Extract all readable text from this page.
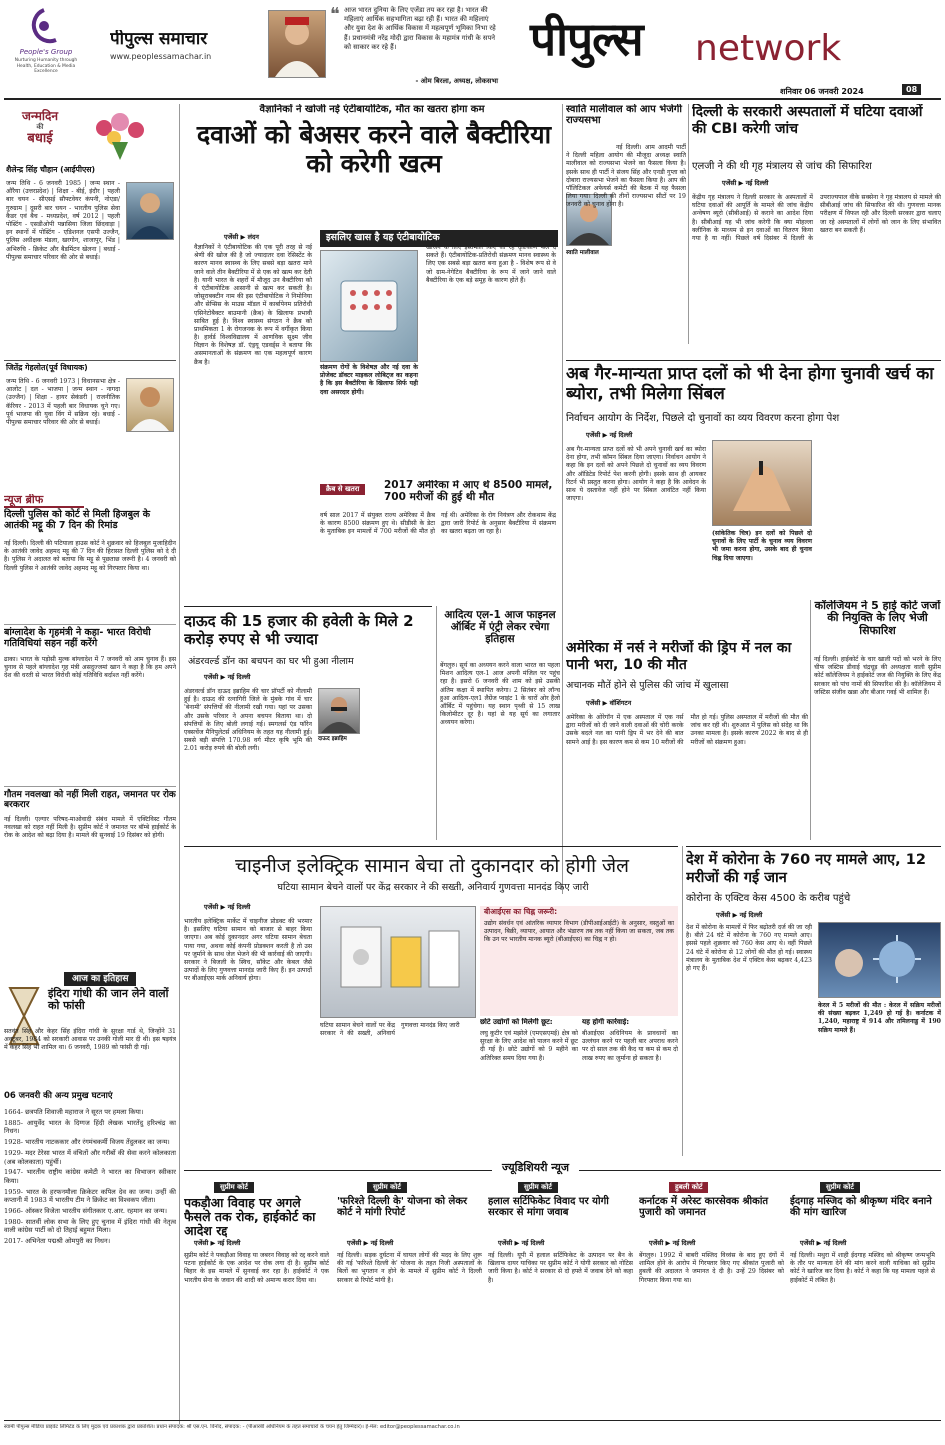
People's Group
Nurturing Humanity through Health, Education & Media Excellence
पीपुल्स समाचार
www.peoplessamachar.in
❝ आज भारत दुनिया के लिए एजेंडा तय कर रहा है। भारत की महिलाएं आर्थिक सहभागिता बढ़ा रही हैं। भारत की महिलाएं और युवा देश के आर्थिक विकास में महत्वपूर्ण भूमिका निभा रहे हैं। प्रधानमंत्री नरेंद्र मोदी द्वारा विकास के महामंत्र गांधी के सपने को साकार कर रहे हैं।
- ओम बिरला, अध्यक्ष, लोकसभा
पीपुल्स network
शनिवार 06 जनवरी 2024	08
जन्मदिन
की
बधाई
शैलेन्द्र सिंह चौहान (आईपीएस)
जन्म तिथि - 6 जनवरी 1985 | जन्म स्थान - औरैया (उत्तरप्रदेश) | शिक्षा - बीई, इंदौर | पहली बार चयन - सीएसई सौफ्टवेयर कंपनी, नोएडा/गुरुग्राम | दूसरी बार चयन - भारतीय पुलिस सेवा कैडर एवं बैच - मध्यप्रदेश, वर्ष 2012 | पहली पोस्टिंग - एसडीओपी पन्नासिया जिला छिंदवाड़ा | इन स्थानों में पोस्टिंग - एडिशनल एसपी उज्जैन, पुलिस अधीक्षक मंडला, खरगोन, शाजापुर, भिंड | अभिरुचि - क्रिकेट और बैडमिंटन खेलना | बधाई - पीपुल्स समाचार परिवार की ओर से बधाई।
जितेंद्र गेहलोत(पूर्व विधायक)
जन्म तिथि - 6 जनवरी 1973 | विधानसभा क्षेत्र - आलोट | दल - भाजपा | जन्म स्थान - नागदा (उज्जैन) | शिक्षा - हायर सेकंडरी | राजनीतिक कॅरियर - 2013 में पहली बार विधायक चुने गए। पूर्व भाजपा की युवा विंग में सक्रिय रहे। बधाई - पीपुल्स समाचार परिवार की ओर से बधाई।
न्यूज ब्रीफ
दिल्ली पुलिस को कोर्ट से मिली हिजबुल के आतंकी मट्टू की 7 दिन की रिमांड
नई दिल्ली। दिल्ली की पटियाला हाउस कोर्ट ने शुक्रवार को हिजबुल मुजाहिदीन के आतंकी जावेद अहमद मट्टू की 7 दिन की हिरासत दिल्ली पुलिस को दे दी है। पुलिस ने अदालत को बताया कि मट्टू से पूछताछ जरूरी है। 4 जनवरी को दिल्ली पुलिस ने आतंकी जावेद अहमद मट्टू को गिरफ्तार किया था।
बांग्लादेश के गृहमंत्री ने कहा- भारत विरोधी गतिविधियां सहन नहीं करेंगे
ढाका। भारत के पड़ोसी मुल्क बांग्लादेश में 7 जनवरी को आम चुनाव हैं। इस चुनाव से पहले बांग्लादेश गृह मंत्री असदुज्जमां खान ने कहा है कि हम अपने देश की धरती से भारत विरोधी कोई गतिविधि बर्दाश्त नहीं करेंगे।
गौतम नवलखा को नहीं मिली राहत, जमानत पर रोक बरकरार
नई दिल्ली। एल्गार परिषद-माओवादी संबंध मामले में एक्टिविस्ट गौतम नवलखा को राहत नहीं मिली है। सुप्रीम कोर्ट ने जमानत पर बॉम्बे हाईकोर्ट के रोक के आदेश को बढ़ा दिया है। मामले की सुनवाई 19 दिसंबर को होगी।
आज का इतिहास
इंदिरा गांधी की जान लेने वालों को फांसी
सतवंत सिंह और केहर सिंह इंदिरा गांधी के सुरक्षा गार्ड थे, जिन्होंने 31 अक्टूबर, 1984 को सरकारी आवास पर उनकी गोली मार दी थी। इस षड़यंत्र में केहर सिंह भी शामिल था। 6 जनवरी, 1989 को फांसी दी गई।
06 जनवरी की अन्य प्रमुख घटनाएं
1664- छत्रपति शिवाजी महाराज ने सूरत पर हमला किया।
1885- आयुर्वेद भारत के दिग्गज हिंदी लेखक भारतेंदु हरिश्चंद्र का निधन।
1928- भारतीय नाटककार और रंगमंचकर्मी विजय तेंदुलकर का जन्म।
1929- मदर टेरेसा भारत में वंचितों और गरीबों की सेवा करने कोलकाता (अब कोलकाता) पहुंचीं।
1947- भारतीय राष्ट्रीय कांग्रेस कमेटी ने भारत का विभाजन स्वीकार किया।
1959- भारत के हरफनमौला क्रिकेटर कपिल देव का जन्म। उन्हीं की कप्तानी में 1983 में भारतीय टीम ने क्रिकेट का विश्वकप जीता।
1966- ऑस्कर विजेता भारतीय संगीतकार ए.आर. रहमान का जन्म।
1980- सातवीं लोक सभा के लिए हुए चुनाव में इंदिरा गांधी की नेतृत्व वाली कांग्रेस पार्टी को दो तिहाई बहुमत मिला।
2017- अभिनेता पद्मश्री ओमपुरी का निधन।
वैज्ञानिकों ने खोजी नई एंटीबायोटिक, मौत का खतरा होगा कम
दवाओं को बेअसर करने वाले बैक्टीरिया को करेगी खत्म
एजेंसी ▶ लंदन	इसलिए खास है यह एंटीबायोटिक
वैज्ञानिकों ने एंटीबायोटिक की एक पूरी तरह से नई श्रेणी की खोज की है जो ज्यादातर दवा रेसिस्टेंट के कारण मानव स्वास्थ्य के लिए सबसे बड़ा खतरा माने जाने वाले तीन बैक्टीरिया में से एक को खत्म कर देती है। यानी भारत के शहरों में मौजूद उन बैक्टीरिया को ये एंटीबायोटिक आसानी से खत्म कर सकती है। जोसूराबक्टीन नाम की इस एंटीबायोटिक ने निमोनिया और सेप्सिस के माउस मॉडल में कार्बापेनम प्रतिरोधी एसिनेटोबैक्टर बाउमानी (क्रैब) के खिलाफ प्रभावी साबित हुई है। विश्व स्वास्थ्य संगठन ने क्रैब को प्राथमिकता 1 के रोगजनक के रूप में वर्गीकृत किया है। हार्वर्ड विश्वविद्यालय में आणविक सूक्ष्म जीव विज्ञान के विशेषज्ञ डॉ. एंड्रयू एडवर्ड्स ने बताया कि असमानताओं के संक्रमण का एक महत्वपूर्ण कारण क्रैब है।
संक्रमण रोगों के विशेषज्ञ और नई दवा के प्रोजेक्ट डॉक्टर माइकल लोबिट्ज का कहना है कि इस बैक्टीरिया के खिलाफ सिर्फ यही दवा असरदार होगी।
खोजने के लिए इस्तेमाल किए जा रहे दृष्टिकोण फल दे सकते हैं। एंटीबायोटिक-प्रतिरोधी संक्रमण मानव स्वास्थ्य के लिए एक सबसे बड़ा खतरा बना हुआ है - विशेष रूप से वे जो ग्राम-नेगेटिव बैक्टीरिया के रूप में जाने जाने वाले बैक्टीरिया के एक बड़े समूह के कारण होते हैं।
क्रैब से खतरा	2017 अमेरिका में आए थे 8500 मामले, 700 मरीजों की हुई थी मौत
वर्ष साल 2017 में संयुक्त राज्य अमेरिका में क्रैब के कारण 8500 संक्रमण हुए थे। सीडीसी के डेटा के मुताबिक इन मामलों में 700 मरीजों की मौत हो गई थी। अमेरिका के रोग नियंत्रण और रोकथाम केंद्र द्वारा जारी रिपोर्ट के अनुसार बैक्टीरिया में संक्रमण का खतरा बढ़ता जा रहा है।
स्वाति मालीवाल को आप भेजेगी राज्यसभा
स्वाति मालीवाल
नई दिल्ली। आम आदमी पार्टी ने दिल्ली महिला आयोग की मौजूदा अध्यक्ष स्वाति मालीवाल को राज्यसभा भेजने का फैसला किया है। इसके साथ ही पार्टी ने संजय सिंह और एनडी गुप्ता को दोबारा राज्यसभा भेजने का फैसला किया है। आप की पॉलिटिकल अफेयर्स कमेटी की बैठक में यह फैसला लिया गया। दिल्ली की तीनों राज्यसभा सीटों पर 19 जनवरी को चुनाव होना है।
दिल्ली के सरकारी अस्पतालों में घटिया दवाओं की CBI करेगी जांच
एलजी ने की थी गृह मंत्रालय से जांच की सिफारिश
एजेंसी ▶ नई दिल्ली
केंद्रीय गृह मंत्रालय ने दिल्ली सरकार के अस्पतालों में घटिया दवाओं की आपूर्ति के मामले की जांच केंद्रीय अन्वेषण ब्यूरो (सीबीआई) से कराने का आदेश दिया है। सीबीआई यह भी जांच करेगी कि क्या मोहल्ला क्लीनिक के माध्यम से इन दवाओं का वितरण किया गया है या नहीं। पिछले वर्ष दिसंबर में दिल्ली के उपराज्यपाल वीके सक्सेना ने गृह मंत्रालय से मामले की सीबीआई जांच की सिफारिश की थी। गुणवत्ता मानक परीक्षण में विफल रही और दिल्ली सरकार द्वारा चलाए जा रहे अस्पतालों में लोगों को जान के लिए संभावित खतरा बन सकती हैं।
अब गैर-मान्यता प्राप्त दलों को भी देना होगा चुनावी खर्च का ब्योरा, तभी मिलेगा सिंबल
निर्वाचन आयोग के निर्देश, पिछले दो चुनावों का व्यय विवरण करना होगा पेश
एजेंसी ▶ नई दिल्ली
अब गैर-मान्यता प्राप्त दलों को भी अपने चुनावी खर्च का ब्योरा देना होगा, तभी कॉमन सिंबल दिया जाएगा। निर्वाचन आयोग ने कहा कि इन दलों को अपने पिछले दो चुनावों का व्यय विवरण और ऑडिटेड रिपोर्ट पेश करनी होगी। इसके साथ ही आयकर रिटर्न भी प्रस्तुत करना होगा। आयोग ने कहा है कि आवेदन के साथ ये दस्तावेज नहीं होने पर सिंबल आवंटित नहीं किया जाएगा।
(सांकेतिक चित्र) इन दलों को पिछले दो चुनावों के लिए पार्टी के चुनाव व्यय विवरण भी जमा करना होगा, उसके बाद ही चुनाव चिह्न दिया जाएगा।
कॉलेजियम ने 5 हाई कोर्ट जजों की नियुक्ति के लिए भेजी सिफारिश
नई दिल्ली। हाईकोर्ट के चार खाली पदों को भरने के लिए चीफ जस्टिस डीवाई चंद्रचूड़ की अध्यक्षता वाली सुप्रीम कोर्ट कॉलेजियम ने हाईकोर्ट जज की नियुक्ति के लिए केंद्र सरकार को पांच नामों की सिफारिश की है। कॉलेजियम में जस्टिस संजीव खन्ना और बीआर गवई भी शामिल हैं।
दाऊद की 15 हजार की हवेली के मिले 2 करोड़ रुपए से भी ज्यादा
अंडरवर्ल्ड डॉन का बचपन का घर भी हुआ नीलाम
एजेंसी ▶ नई दिल्ली
दाऊद इब्राहिम
अंडरवर्ल्ड डॉन दाऊद इब्राहिम की चार प्रॉपर्टी को नीलामी हुई है। दाऊद की रत्नागिरी जिले के मुंबके गांव में चार 'बेनामी' संपत्तियों की नीलामी रखी गया। यहां पर उसका और उसके परिवार ने अपना बचपन बिताया था। दो संपत्तियों के लिए बोली लगाई गई। स्मगलर्स एंड फॉरेन एक्सचेंज मैनिपुलेटर्स अधिनियम के तहत यह नीलामी हुई। सबसे बड़ी संपत्ति 170.98 वर्ग मीटर कृषि भूमि की 2.01 करोड़ रुपये की बोली लगी।
आदित्य एल-1 आज फाइनल ऑर्बिट में एंट्री लेकर रचेगा इतिहास
बेंगलुरु। सूर्य का अध्ययन करने वाला भारत का पहला मिशन आदित्य एल-1 आज अपनी मंजिल पर पहुंच रहा है। इसरो 6 जनवरी की शाम को इसे उसकी अंतिम कक्षा में स्थापित करेगा। 2 सितंबर को लॉन्च हुआ आदित्य-एल1 लैग्रेंज प्वाइंट 1 के चारों ओर हैलो ऑर्बिट में पहुंचेगा। यह स्थान पृथ्वी से 15 लाख किलोमीटर दूर है। यहां से यह सूर्य का लगातार अध्ययन करेगा।
अमेरिका में नर्स ने मरीजों की ड्रिप में नल का पानी भरा, 10 की मौत
अचानक मौतें होने से पुलिस की जांच में खुलासा
एजेंसी ▶ वॉशिंगटन
अमेरिका के ओरेगॉन में एक अस्पताल में एक नर्स द्वारा मरीजों को दी जाने वाली दवाओं की चोरी करके उसके बदले नल का पानी ड्रिप में भर देने की बात सामने आई है। इस कारण कम से कम 10 मरीजों की मौत हो गई। पुलिस अस्पताल में मरीजों की मौत की जांच कर रही थी। शुरुआत में पुलिस को संदेह था कि उनका मामला है। इसके कारण 2022 के बाद से ही मरीजों को संक्रमण हुआ।
चाइनीज इलेक्ट्रिक सामान बेचा तो दुकानदार को होगी जेल
घटिया सामान बेचने वालों पर केंद्र सरकार ने की सख्ती, अनिवार्य गुणवत्ता मानदंड किए जारी
एजेंसी ▶ नई दिल्ली
भारतीय इलेक्ट्रिक मार्केट में चाइनीज प्रोडक्ट की भरमार है। इसलिए घटिया सामान को बाजार से बाहर किया जाएगा। अब कोई दुकानदार अगर घटिया सामान बेचता पाया गया, अथवा कोई कंपनी प्रोडक्शन करती है तो उस पर जुर्माने के साथ जेल भेजने की भी कार्रवाई की जाएगी। सरकार ने बिजली के स्विच, सॉकेट और केबल जैसे उत्पादों के लिए गुणवत्ता मानदंड जारी किए हैं। इन उत्पादों पर बीआईएस मार्क अनिवार्य होगा।
बीआईएस का चिह्न जरूरी:
उद्योग संवर्धन एवं आंतरिक व्यापार विभाग (डीपीआईआईटी) के अनुसार, वस्तुओं का उत्पादन, बिक्री, व्यापार, आयात और भंडारण तब तक नहीं किया जा सकता, जब तक कि उन पर भारतीय मानक ब्यूरो (बीआईएस) का चिह्न न हो।
छोटे उद्योगों को मिलेगी छूट:
लघु कुटीर एवं मझोले (एमएसएमई) क्षेत्र को सुरक्षा के लिए आदेश को पालन करने में छूट दी गई है। छोटे उद्योगों को 9 महीने का अतिरिक्त समय दिया गया है।
यह होगी कार्रवाई:
बीआईएस अधिनियम के प्रावधानों का उल्लंघन करने पर पहली बार अपराध करने पर दो साल तक की कैद या कम से कम दो लाख रुपए का जुर्माना हो सकता है।
घटिया सामान बेचने वालों पर केंद्र सरकार ने की सख्ती, अनिवार्य गुणवत्ता मानदंड किए जारी
देश में कोरोना के 760 नए मामले आए, 12 मरीजों की गई जान
कोरोना के एक्टिव केस 4500 के करीब पहुंचे
एजेंसी ▶ नई दिल्ली
देश में कोरोना के मामलों में फिर बढ़ोतरी दर्ज की जा रही है। बीते 24 घंटे में कोरोना के 760 नए मामले आए। इससे पहले शुक्रवार को 760 केस आए थे। वहीं पिछले 24 घंटे में कोरोना से 12 लोगों की मौत हो गई। स्वास्थ्य मंत्रालय के मुताबिक देश में एक्टिव केस बढ़कर 4,423 हो गए हैं।
केरल में 5 मरीजों की मौत : केरल में सक्रिय मरीजों की संख्या बढ़कर 1,249 हो गई है। कर्नाटक में 1,240, महाराष्ट्र में 914 और तमिलनाडु में 190 सक्रिय मामले हैं।
ज्यूडिशियरी न्यूज
सुप्रीम कोर्ट
पकड़ौआ विवाह पर अगले फैसले तक रोक, हाईकोर्ट का आदेश रद्द
एजेंसी ▶ नई दिल्ली
सुप्रीम कोर्ट ने पकड़ौआ विवाह या जबरन विवाह को रद्द करने वाले पटना हाईकोर्ट के एक आदेश पर रोक लगा दी है। सुप्रीम कोर्ट बिहार के इस मामले में सुनवाई कर रहा है। हाईकोर्ट ने एक भारतीय सेना के जवान की शादी को अमान्य करार दिया था।
सुप्रीम कोर्ट
'फरिश्ते दिल्ली के' योजना को लेकर कोर्ट ने मांगी रिपोर्ट
एजेंसी ▶ नई दिल्ली
नई दिल्ली। सड़क दुर्घटना में घायल लोगों की मदद के लिए शुरू की गई 'फरिश्ते दिल्ली के' योजना के तहत निजी अस्पतालों के बिलों का भुगतान न होने के मामले में सुप्रीम कोर्ट ने दिल्ली सरकार से रिपोर्ट मांगी है।
सुप्रीम कोर्ट
हलाल सर्टिफिकेट विवाद पर योगी सरकार से मांगा जवाब
एजेंसी ▶ नई दिल्ली
नई दिल्ली। यूपी में हलाल सर्टिफिकेट के उत्पादन पर बैन के खिलाफ दायर याचिका पर सुप्रीम कोर्ट ने योगी सरकार को नोटिस जारी किया है। कोर्ट ने सरकार से दो हफ्ते में जवाब देने को कहा है।
हुबली कोर्ट
कर्नाटक में अरेस्ट कारसेवक श्रीकांत पुजारी को जमानत
एजेंसी ▶ नई दिल्ली
बेंगलुरु। 1992 में बाबरी मस्जिद विध्वंस के बाद हुए दंगों में शामिल होने के आरोप में गिरफ्तार किए गए श्रीकांत पुजारी को हुबली की अदालत ने जमानत दे दी है। उन्हें 29 दिसंबर को गिरफ्तार किया गया था।
सुप्रीम कोर्ट
ईदगाह मस्जिद को श्रीकृष्ण मंदिर बनाने की मांग खारिज
एजेंसी ▶ नई दिल्ली
नई दिल्ली। मथुरा में शाही ईदगाह मस्जिद को श्रीकृष्ण जन्मभूमि के तौर पर मान्यता देने की मांग करने वाली याचिका को सुप्रीम कोर्ट ने खारिज कर दिया है। कोर्ट ने कहा कि यह मामला पहले से हाईकोर्ट में लंबित है।
स्वामी पीपुल्स मीडिया प्राइवेट लिमिटेड के लिए मुद्रक एवं प्रकाशक द्वारा प्रकाशित। प्रधान संपादक: श्री एस.एन. विनोद, संपादक: - (पीआरबी अधिनियम के तहत समाचारों के चयन हेतु जिम्मेदार)। ई-मेल: editor@peoplessamachar.co.in
